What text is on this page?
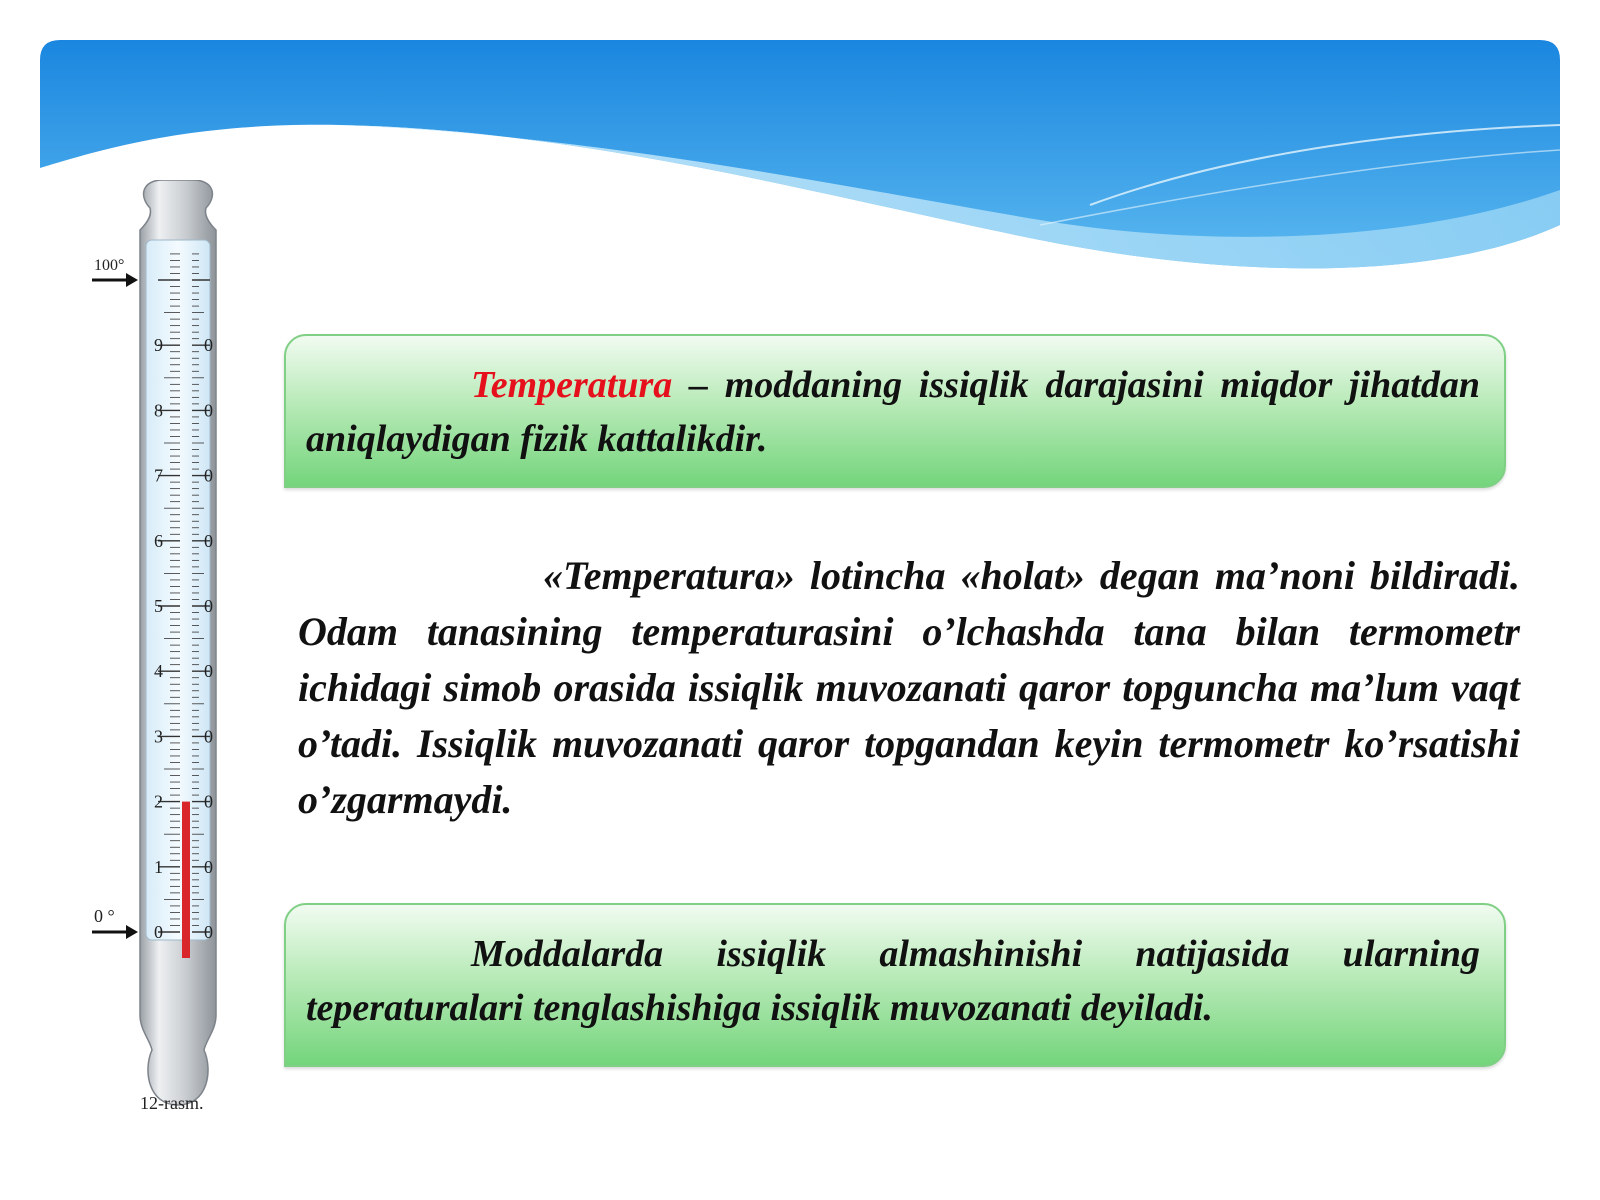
9 0
8 0
7 0
6 0
5 0
4 0
3 0
2 0
1 0
0 0
100°
0 °
12-rasm.
Temperatura – moddaning issiqlik darajasini miqdor jihatdan aniqlaydigan fizik kattalikdir.
«Temperatura» lotincha «holat» degan ma’noni bildiradi. Odam tanasining temperaturasini o’lchashda tana bilan termometr ichidagi simob orasida issiqlik muvozanati qaror topguncha ma’lum vaqt o’tadi. Issiqlik muvozanati qaror topgandan keyin termometr ko’rsatishi o’zgarmaydi.
Moddalarda issiqlik almashinishi natijasida ularning teperaturalari tenglashishiga issiqlik muvozanati deyiladi.
